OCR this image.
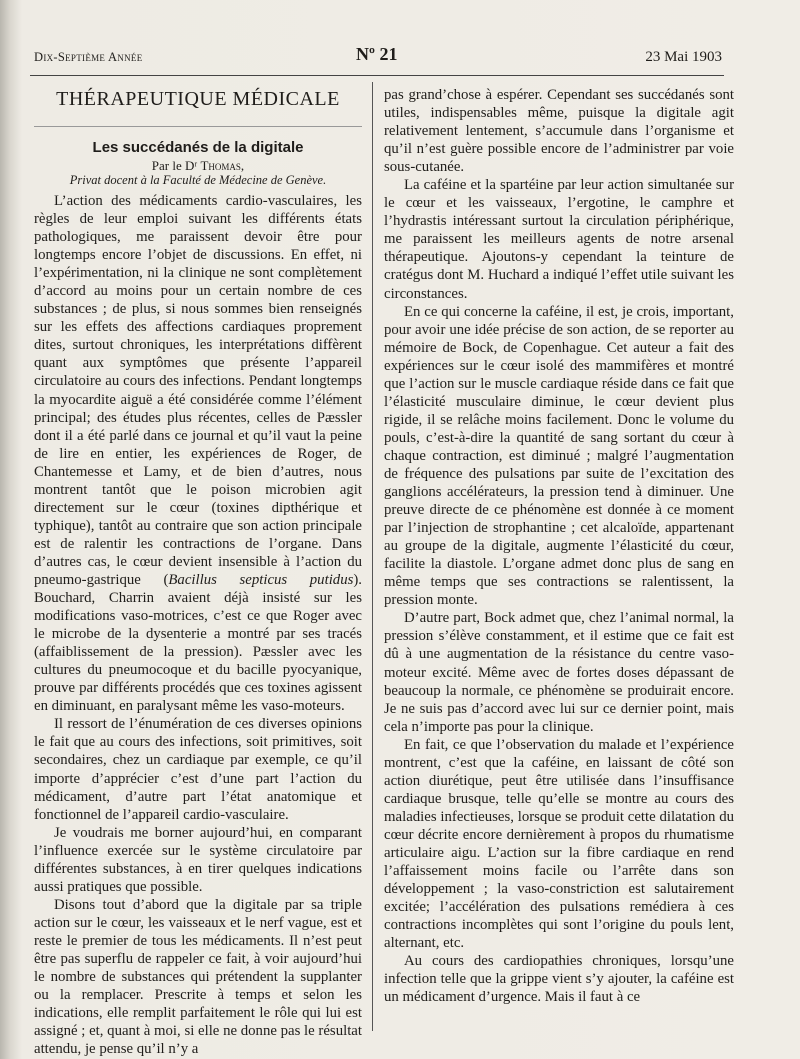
Dix-Septième Année	Nº 21	23 Mai 1903
THÉRAPEUTIQUE MÉDICALE
Les succédanés de la digitale
Par le Dʳ Thomas,
Privat docent à la Faculté de Médecine de Genève.

L’action des médicaments cardio-vasculaires, les règles de leur emploi suivant les différents états pathologiques, me paraissent devoir être pour longtemps encore l’objet de discussions. En effet, ni l’expérimentation, ni la clinique ne sont complètement d’accord au moins pour un certain nombre de ces substances ; de plus, si nous sommes bien renseignés sur les effets des affections cardiaques proprement dites, surtout chroniques, les interprétations diffèrent quant aux symptômes que présente l’appareil circulatoire au cours des infections. Pendant longtemps la myocardite aiguë a été considérée comme l’élément principal; des études plus récentes, celles de Pæssler dont il a été parlé dans ce journal et qu’il vaut la peine de lire en entier, les expériences de Roger, de Chantemesse et Lamy, et de bien d’autres, nous montrent tantôt que le poison microbien agit directement sur le cœur (toxines dipthérique et typhique), tantôt au contraire que son action principale est de ralentir les contractions de l’organe. Dans d’autres cas, le cœur devient insensible à l’action du pneumo-gastrique (Bacillus septicus putidus). Bouchard, Charrin avaient déjà insisté sur les modifications vaso-motrices, c’est ce que Roger avec le microbe de la dysenterie a montré par ses tracés (affaiblissement de la pression). Pæssler avec les cultures du pneumocoque et du bacille pyocyanique, prouve par différents procédés que ces toxines agissent en diminuant, en paralysant même les vaso-moteurs.

Il ressort de l’énumération de ces diverses opinions le fait que au cours des infections, soit primitives, soit secondaires, chez un cardiaque par exemple, ce qu’il importe d’apprécier c’est d’une part l’action du médicament, d’autre part l’état anatomique et fonctionnel de l’appareil cardio-vasculaire.

Je voudrais me borner aujourd’hui, en comparant l’influence exercée sur le système circulatoire par différentes substances, à en tirer quelques indications aussi pratiques que possible.

Disons tout d’abord que la digitale par sa triple action sur le cœur, les vaisseaux et le nerf vague, est et reste le premier de tous les médicaments. Il n’est peut être pas superflu de rappeler ce fait, à voir aujourd’hui le nombre de substances qui prétendent la supplanter ou la remplacer. Prescrite à temps et selon les indications, elle remplit parfaitement le rôle qui lui est assigné ; et, quant à moi, si elle ne donne pas le résultat attendu, je pense qu’il n’y a

pas grand’chose à espérer. Cependant ses succédanés sont utiles, indispensables même, puisque la digitale agit relativement lentement, s’accumule dans l’organisme et qu’il n’est guère possible encore de l’administrer par voie sous-cutanée.

La caféine et la spartéine par leur action simultanée sur le cœur et les vaisseaux, l’ergotine, le camphre et l’hydrastis intéressant surtout la circulation périphérique, me paraissent les meilleurs agents de notre arsenal thérapeutique. Ajoutons-y cependant la teinture de cratégus dont M. Huchard a indiqué l’effet utile suivant les circonstances.

En ce qui concerne la caféine, il est, je crois, important, pour avoir une idée précise de son action, de se reporter au mémoire de Bock, de Copenhague. Cet auteur a fait des expériences sur le cœur isolé des mammifères et montré que l’action sur le muscle cardiaque réside dans ce fait que l’élasticité musculaire diminue, le cœur devient plus rigide, il se relâche moins facilement. Donc le volume du pouls, c’est-à-dire la quantité de sang sortant du cœur à chaque contraction, est diminué ; malgré l’augmentation de fréquence des pulsations par suite de l’excitation des ganglions accélérateurs, la pression tend à diminuer. Une preuve directe de ce phénomène est donnée à ce moment par l’injection de strophantine ; cet alcaloïde, appartenant au groupe de la digitale, augmente l’élasticité du cœur, facilite la diastole. L’organe admet donc plus de sang en même temps que ses contractions se ralentissent, la pression monte.

D’autre part, Bock admet que, chez l’animal normal, la pression s’élève constamment, et il estime que ce fait est dû à une augmentation de la résistance du centre vaso-moteur excité. Même avec de fortes doses dépassant de beaucoup la normale, ce phénomène se produirait encore. Je ne suis pas d’accord avec lui sur ce dernier point, mais cela n’importe pas pour la clinique.

En fait, ce que l’observation du malade et l’expérience montrent, c’est que la caféine, en laissant de côté son action diurétique, peut être utilisée dans l’insuffisance cardiaque brusque, telle qu’elle se montre au cours des maladies infectieuses, lorsque se produit cette dilatation du cœur décrite encore dernièrement à propos du rhumatisme articulaire aigu. L’action sur la fibre cardiaque en rend l’affaissement moins facile ou l’arrête dans son développement ; la vaso-constriction est salutairement excitée; l’accélération des pulsations remédiera à ces contractions incomplètes qui sont l’origine du pouls lent, alternant, etc.

Au cours des cardiopathies chroniques, lorsqu’une infection telle que la grippe vient s’y ajouter, la caféine est un médicament d’urgence. Mais il faut à ce
